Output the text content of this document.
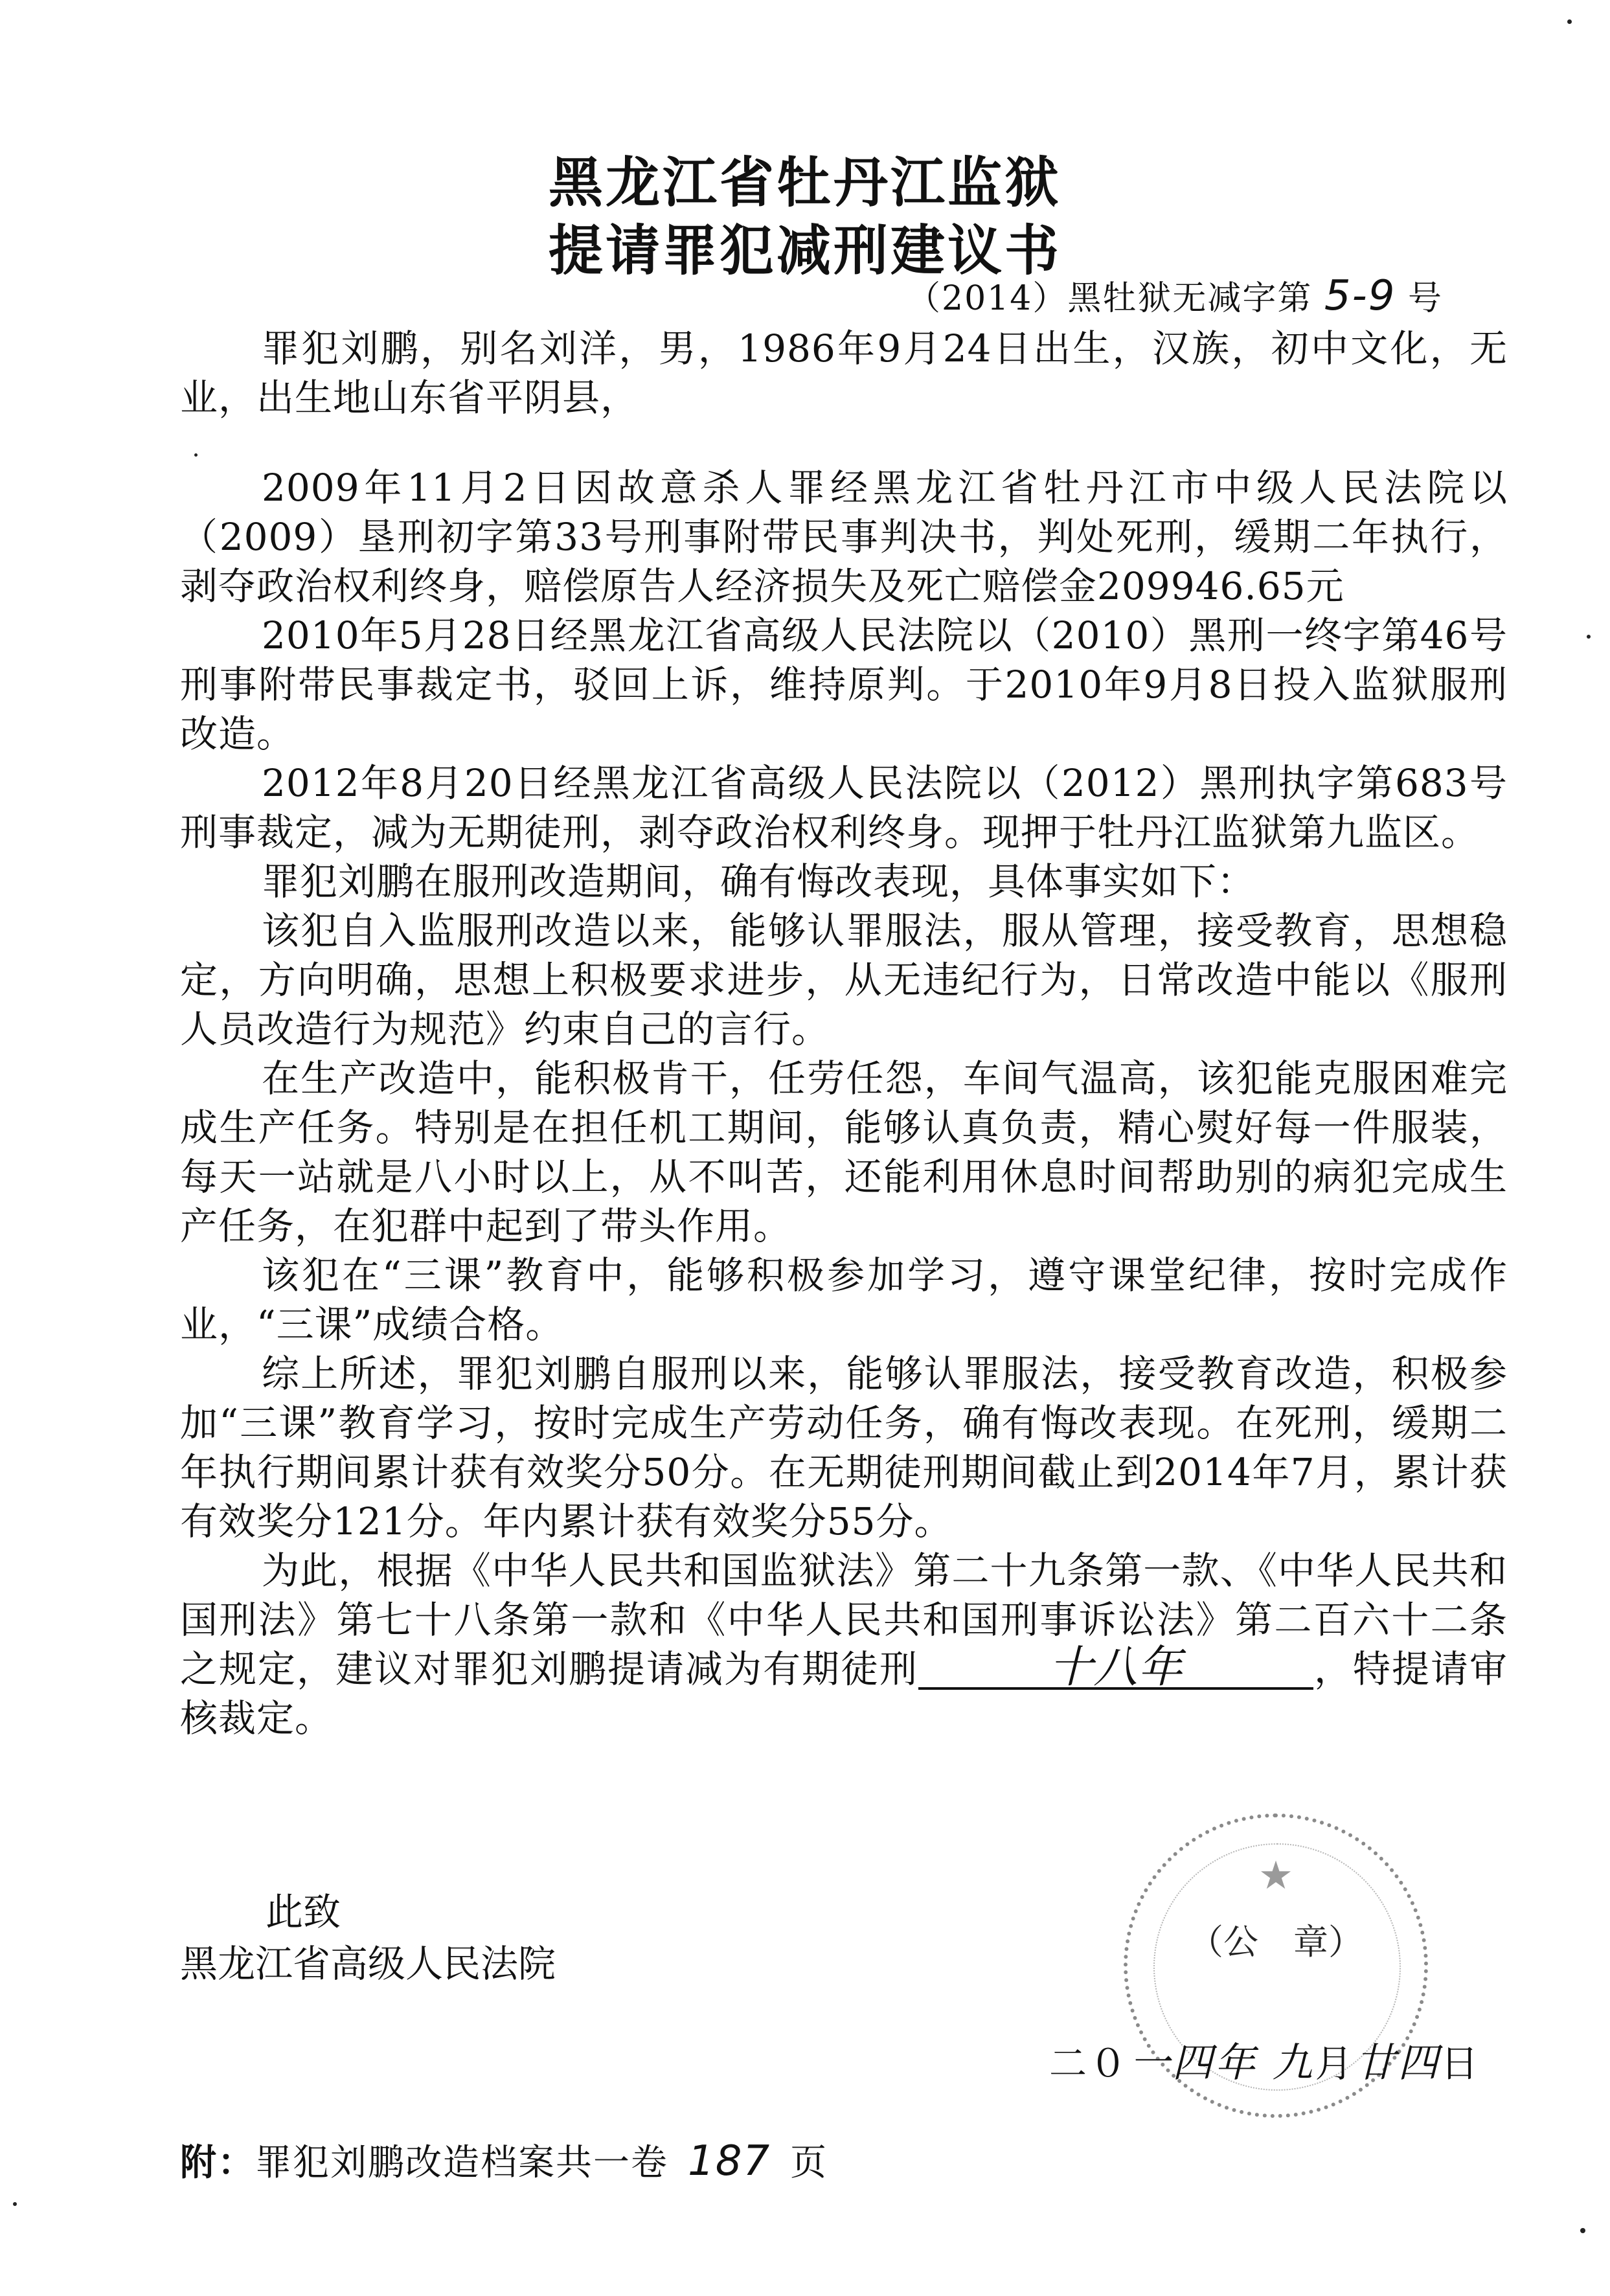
黑龙江省牡丹江监狱
提请罪犯减刑建议书
（2014）黑牡狱无减字第 5-9 号

罪犯刘鹏，别名刘洋，男，1986年9月24日出生，汉族，初中文化，无业，出生地山东省平阴县，

2009年11月2日因故意杀人罪经黑龙江省牡丹江市中级人民法院以（2009）垦刑初字第33号刑事附带民事判决书，判处死刑，缓期二年执行，剥夺政治权利终身，赔偿原告人经济损失及死亡赔偿金209946.65元

2010年5月28日经黑龙江省高级人民法院以（2010）黑刑一终字第46号刑事附带民事裁定书，驳回上诉，维持原判。于2010年9月8日投入监狱服刑改造。

2012年8月20日经黑龙江省高级人民法院以（2012）黑刑执字第683号刑事裁定，减为无期徒刑，剥夺政治权利终身。现押于牡丹江监狱第九监区。

罪犯刘鹏在服刑改造期间，确有悔改表现，具体事实如下：

该犯自入监服刑改造以来，能够认罪服法，服从管理，接受教育，思想稳定，方向明确，思想上积极要求进步，从无违纪行为，日常改造中能以《服刑人员改造行为规范》约束自己的言行。

在生产改造中，能积极肯干，任劳任怨，车间气温高，该犯能克服困难完成生产任务。特别是在担任机工期间，能够认真负责，精心熨好每一件服装，每天一站就是八小时以上，从不叫苦，还能利用休息时间帮助别的病犯完成生产任务，在犯群中起到了带头作用。

该犯在“三课”教育中，能够积极参加学习，遵守课堂纪律，按时完成作业，“三课”成绩合格。

综上所述，罪犯刘鹏自服刑以来，能够认罪服法，接受教育改造，积极参加“三课”教育学习，按时完成生产劳动任务，确有悔改表现。在死刑，缓期二年执行期间累计获有效奖分50分。在无期徒刑期间截止到2014年7月，累计获有效奖分121分。年内累计获有效奖分55分。

为此，根据《中华人民共和国监狱法》第二十九条第一款、《中华人民共和国刑法》第七十八条第一款和《中华人民共和国刑事诉讼法》第二百六十二条之规定，建议对罪犯刘鹏提请减为有期徒刑	十八年	，特提请审核裁定。

此致
黑龙江省高级人民法院
★
（公　章）
二０一四年 九月廿四日
附：罪犯刘鹏改造档案共一卷 187 页
